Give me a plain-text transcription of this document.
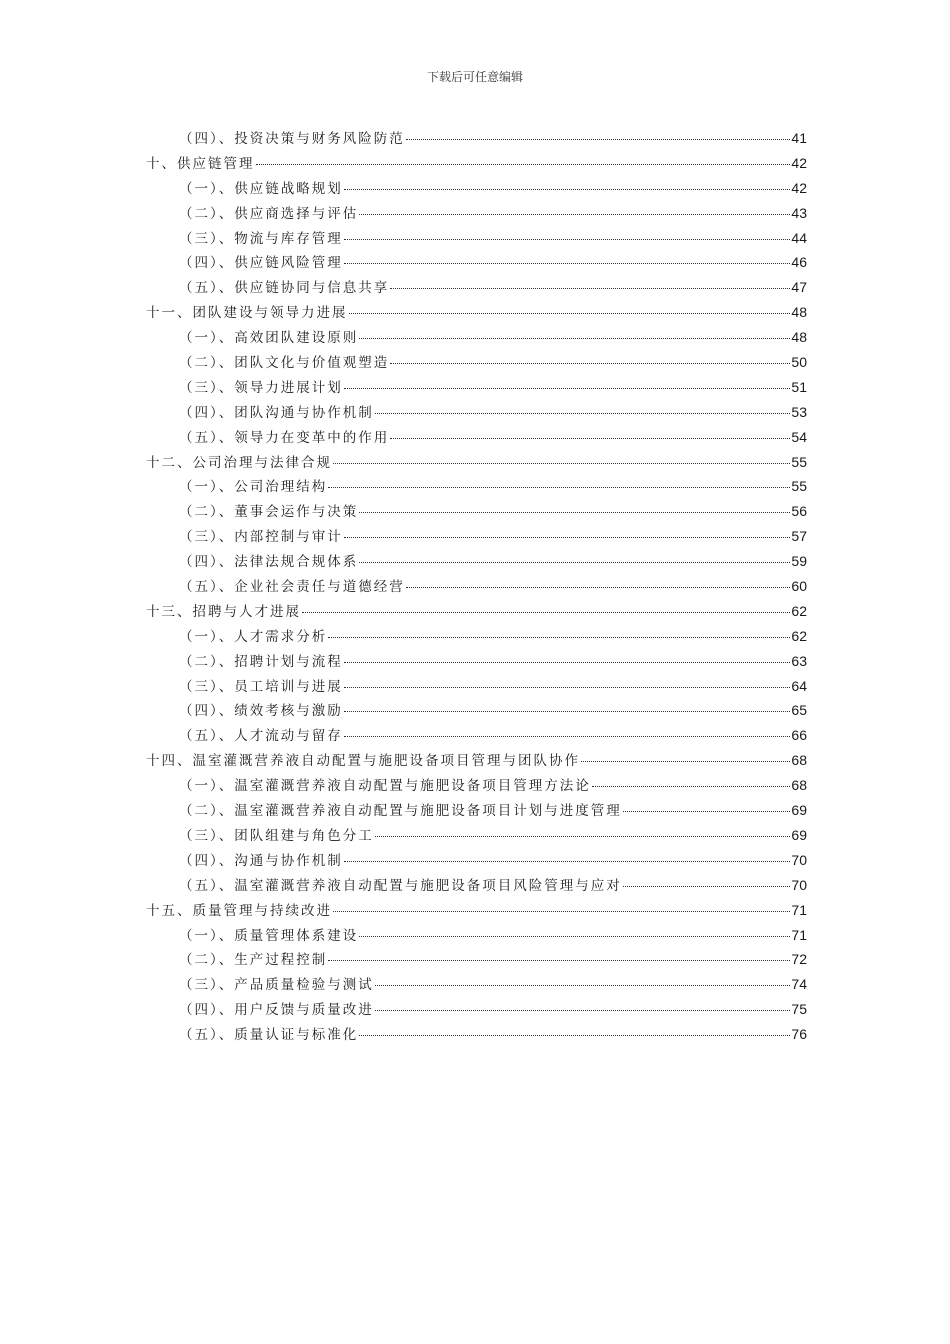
下载后可任意编辑
（四）、投资决策与财务风险防范	41
十、供应链管理	42
（一）、供应链战略规划	42
（二）、供应商选择与评估	43
（三）、物流与库存管理	44
（四）、供应链风险管理	46
（五）、供应链协同与信息共享	47
十一、团队建设与领导力进展	48
（一）、高效团队建设原则	48
（二）、团队文化与价值观塑造	50
（三）、领导力进展计划	51
（四）、团队沟通与协作机制	53
（五）、领导力在变革中的作用	54
十二、公司治理与法律合规	55
（一）、公司治理结构	55
（二）、董事会运作与决策	56
（三）、内部控制与审计	57
（四）、法律法规合规体系	59
（五）、企业社会责任与道德经营	60
十三、招聘与人才进展	62
（一）、人才需求分析	62
（二）、招聘计划与流程	63
（三）、员工培训与进展	64
（四）、绩效考核与激励	65
（五）、人才流动与留存	66
十四、温室灌溉营养液自动配置与施肥设备项目管理与团队协作	68
（一）、温室灌溉营养液自动配置与施肥设备项目管理方法论	68
（二）、温室灌溉营养液自动配置与施肥设备项目计划与进度管理	69
（三）、团队组建与角色分工	69
（四）、沟通与协作机制	70
（五）、温室灌溉营养液自动配置与施肥设备项目风险管理与应对	70
十五、质量管理与持续改进	71
（一）、质量管理体系建设	71
（二）、生产过程控制	72
（三）、产品质量检验与测试	74
（四）、用户反馈与质量改进	75
（五）、质量认证与标准化	76
